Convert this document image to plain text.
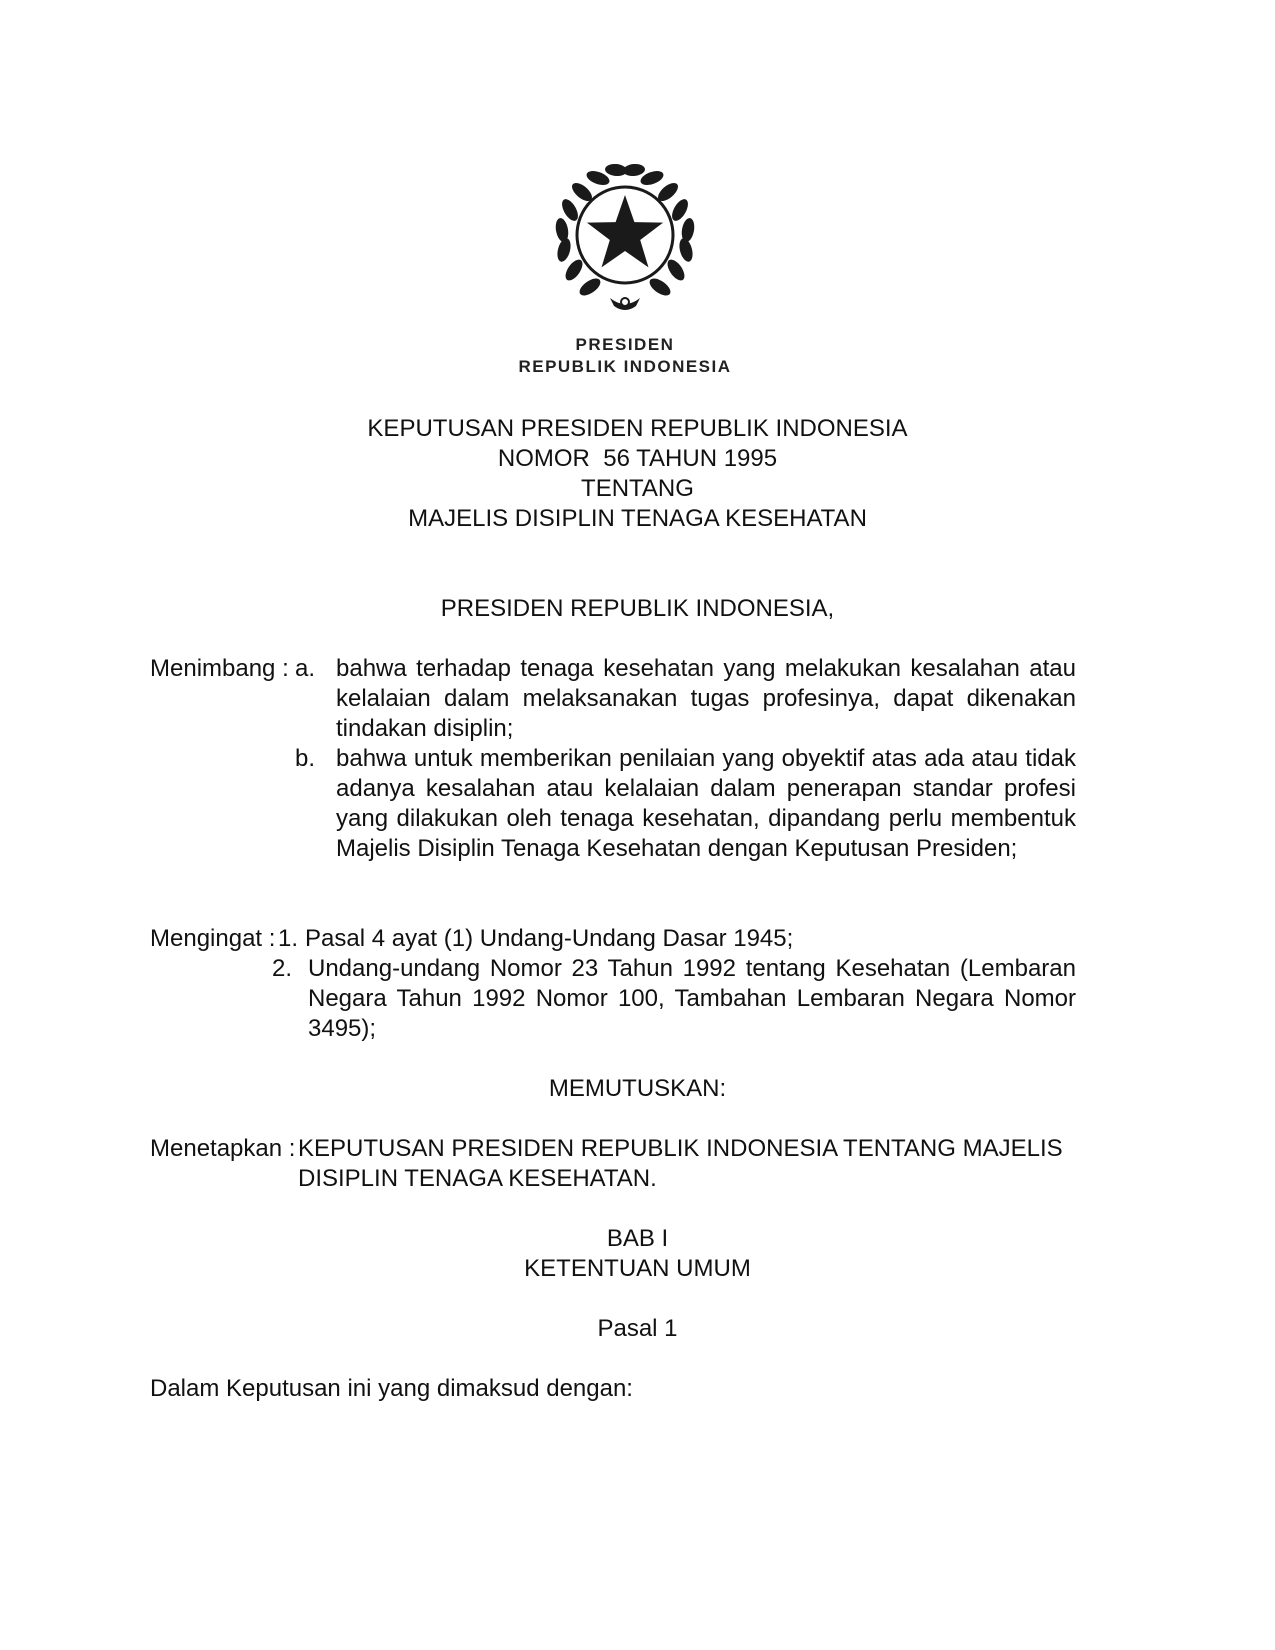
PRESIDEN
REPUBLIK INDONESIA
KEPUTUSAN PRESIDEN REPUBLIK INDONESIA
NOMOR  56 TAHUN 1995
TENTANG
MAJELIS DISIPLIN TENAGA KESEHATAN
PRESIDEN REPUBLIK INDONESIA,
Menimbang : a. bahwa terhadap tenaga kesehatan yang melakukan kesalahan atau kelalaian dalam melaksanakan tugas profesinya, dapat dikenakan tindakan disiplin;
b. bahwa untuk memberikan penilaian yang obyektif atas ada atau tidak adanya kesalahan atau kelalaian dalam penerapan standar profesi yang dilakukan oleh tenaga kesehatan, dipandang perlu membentuk Majelis Disiplin Tenaga Kesehatan dengan Keputusan Presiden;
Mengingat : 1. Pasal 4 ayat (1) Undang-Undang Dasar 1945;
2. Undang-undang Nomor 23 Tahun 1992 tentang Kesehatan (Lembaran Negara Tahun 1992 Nomor 100, Tambahan Lembaran Negara Nomor 3495);
MEMUTUSKAN:
Menetapkan : KEPUTUSAN PRESIDEN REPUBLIK INDONESIA TENTANG MAJELIS DISIPLIN TENAGA KESEHATAN.
BAB I
KETENTUAN UMUM
Pasal 1
Dalam Keputusan ini yang dimaksud dengan:
